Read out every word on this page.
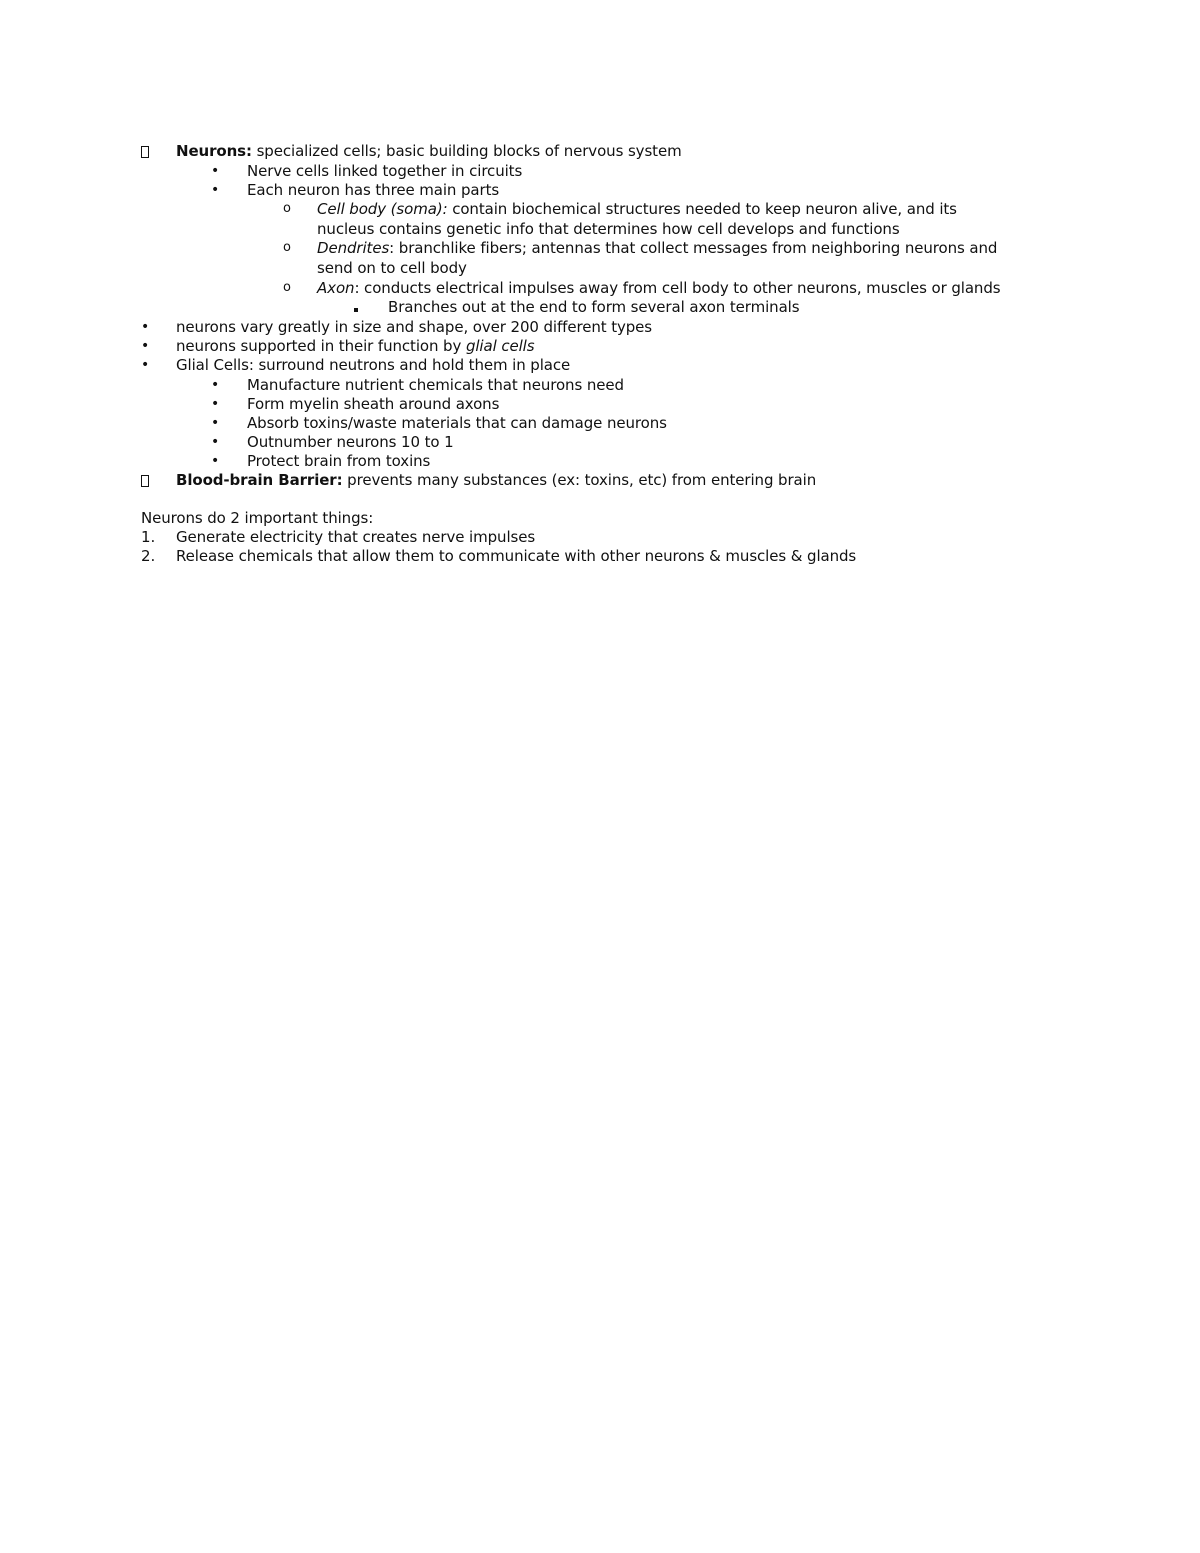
Neurons: specialized cells; basic building blocks of nervous system
• Nerve cells linked together in circuits
• Each neuron has three main parts
o Cell body (soma): contain biochemical structures needed to keep neuron alive, and its
nucleus contains genetic info that determines how cell develops and functions
o Dendrites: branchlike fibers; antennas that collect messages from neighboring neurons and
send on to cell body
o Axon: conducts electrical impulses away from cell body to other neurons, muscles or glands
Branches out at the end to form several axon terminals
• neurons vary greatly in size and shape, over 200 different types
• neurons supported in their function by glial cells
• Glial Cells: surround neutrons and hold them in place
• Manufacture nutrient chemicals that neurons need
• Form myelin sheath around axons
• Absorb toxins/waste materials that can damage neurons
• Outnumber neurons 10 to 1
• Protect brain from toxins
Blood-brain Barrier: prevents many substances (ex: toxins, etc) from entering brain
Neurons do 2 important things:
1. Generate electricity that creates nerve impulses
2. Release chemicals that allow them to communicate with other neurons & muscles & glands
